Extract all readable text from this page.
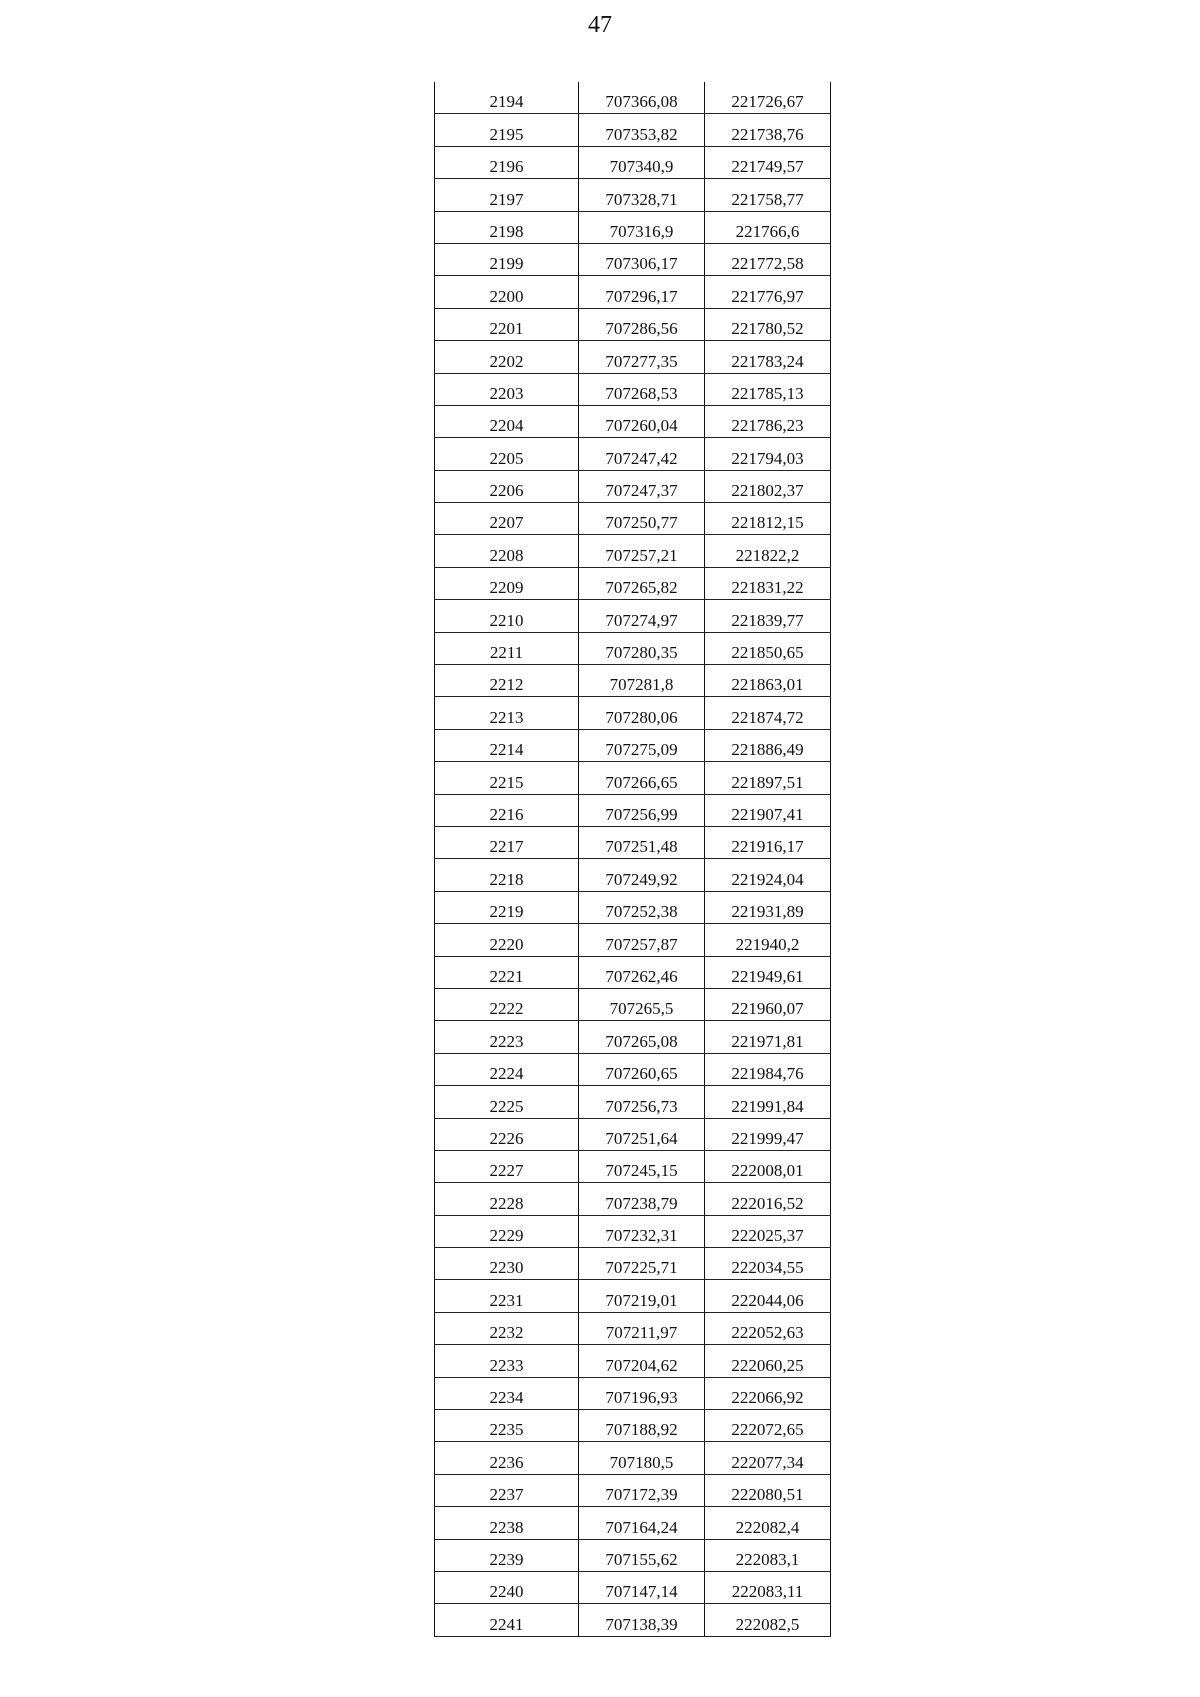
47
2194	707366,08	221726,67
2195	707353,82	221738,76
2196	707340,9	221749,57
2197	707328,71	221758,77
2198	707316,9	221766,6
2199	707306,17	221772,58
2200	707296,17	221776,97
2201	707286,56	221780,52
2202	707277,35	221783,24
2203	707268,53	221785,13
2204	707260,04	221786,23
2205	707247,42	221794,03
2206	707247,37	221802,37
2207	707250,77	221812,15
2208	707257,21	221822,2
2209	707265,82	221831,22
2210	707274,97	221839,77
2211	707280,35	221850,65
2212	707281,8	221863,01
2213	707280,06	221874,72
2214	707275,09	221886,49
2215	707266,65	221897,51
2216	707256,99	221907,41
2217	707251,48	221916,17
2218	707249,92	221924,04
2219	707252,38	221931,89
2220	707257,87	221940,2
2221	707262,46	221949,61
2222	707265,5	221960,07
2223	707265,08	221971,81
2224	707260,65	221984,76
2225	707256,73	221991,84
2226	707251,64	221999,47
2227	707245,15	222008,01
2228	707238,79	222016,52
2229	707232,31	222025,37
2230	707225,71	222034,55
2231	707219,01	222044,06
2232	707211,97	222052,63
2233	707204,62	222060,25
2234	707196,93	222066,92
2235	707188,92	222072,65
2236	707180,5	222077,34
2237	707172,39	222080,51
2238	707164,24	222082,4
2239	707155,62	222083,1
2240	707147,14	222083,11
2241	707138,39	222082,5
